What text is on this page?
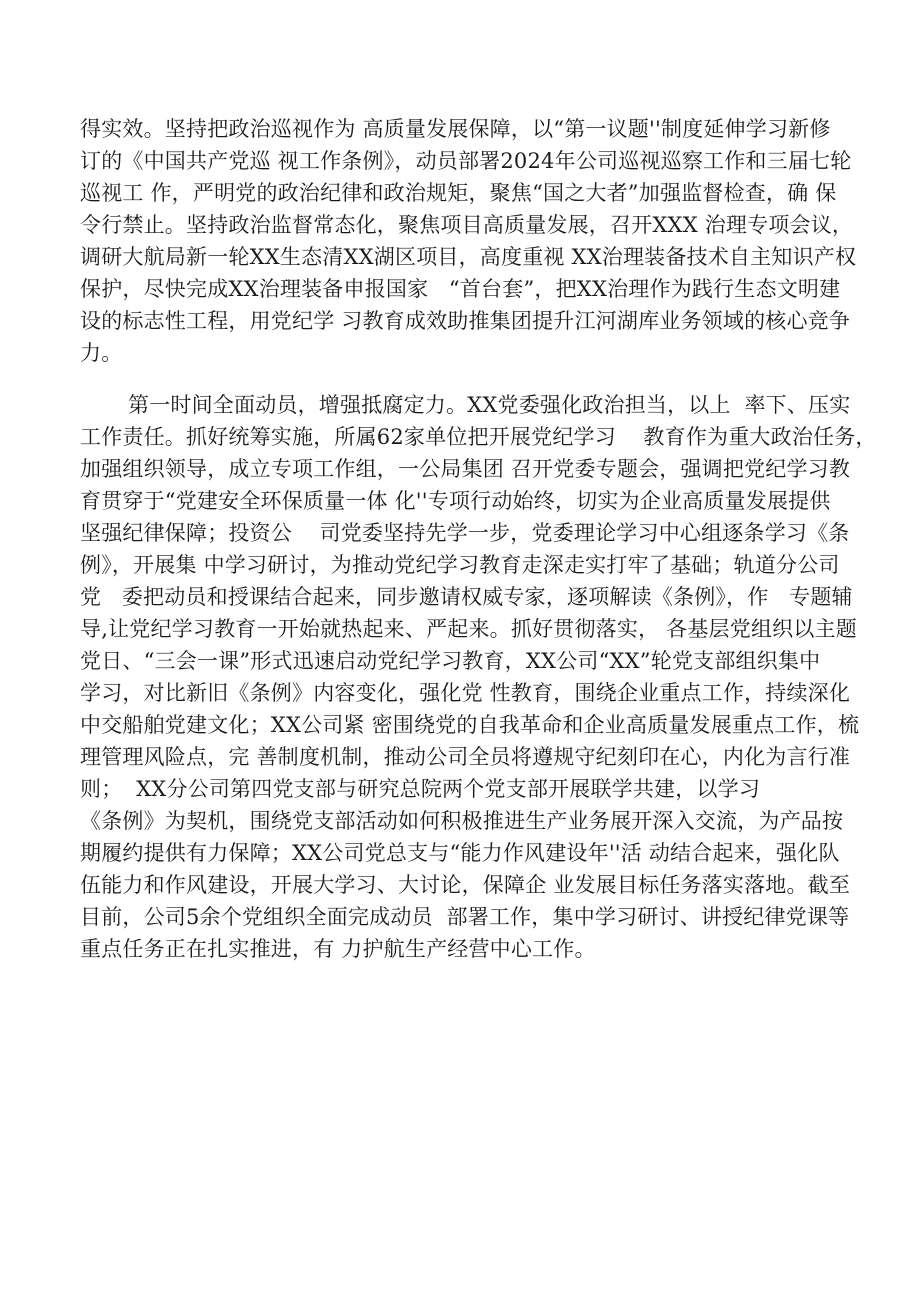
得实效。坚持把政治巡视作为 高质量发展保障，以“第一议题''制度延伸学习新修
订的《中国共产党巡 视工作条例》，动员部署2024年公司巡视巡察工作和三届七轮
巡视工 作，严明党的政治纪律和政治规矩，聚焦“国之大者”加强监督检查，确 保
令行禁止。坚持政治监督常态化，聚焦项目高质量发展，召开XXX 治理专项会议，
调研大航局新一轮XX生态清XX湖区项目，高度重视 XX治理装备技术自主知识产权
保护，尽快完成XX治理装备申报国家   “首台套”，把XX治理作为践行生态文明建
设的标志性工程，用党纪学 习教育成效助推集团提升江河湖库业务领域的核心竞争
力。
第一时间全面动员，增强抵腐定力。XX党委强化政治担当，以上  率下、压实
工作责任。抓好统筹实施，所属62家单位把开展党纪学习    教育作为重大政治任务，
加强组织领导，成立专项工作组，一公局集团 召开党委专题会，强调把党纪学习教
育贯穿于“党建安全环保质量一体 化''专项行动始终，切实为企业高质量发展提供
坚强纪律保障；投资公    司党委坚持先学一步，党委理论学习中心组逐条学习《条
例》，开展集 中学习研讨，为推动党纪学习教育走深走实打牢了基础；轨道分公司
党   委把动员和授课结合起来，同步邀请权威专家，逐项解读《条例》，作   专题辅
导,让党纪学习教育一开始就热起来、严起来。抓好贯彻落实， 各基层党组织以主题
党日、“三会一课”形式迅速启动党纪学习教育，XX公司“XX”轮党支部组织集中
学习，对比新旧《条例》内容变化，强化党 性教育，围绕企业重点工作，持续深化
中交船舶党建文化；XX公司紧 密围绕党的自我革命和企业高质量发展重点工作，梳
理管理风险点，完 善制度机制，推动公司全员将遵规守纪刻印在心，内化为言行准
则；  XX分公司第四党支部与研究总院两个党支部开展联学共建，以学习
《条例》为契机，围绕党支部活动如何积极推进生产业务展开深入交流，为产品按
期履约提供有力保障；XX公司党总支与“能力作风建设年''活 动结合起来，强化队
伍能力和作风建设，开展大学习、大讨论，保障企 业发展目标任务落实落地。截至
目前，公司5余个党组织全面完成动员  部署工作，集中学习研讨、讲授纪律党课等
重点任务正在扎实推进，有 力护航生产经营中心工作。
